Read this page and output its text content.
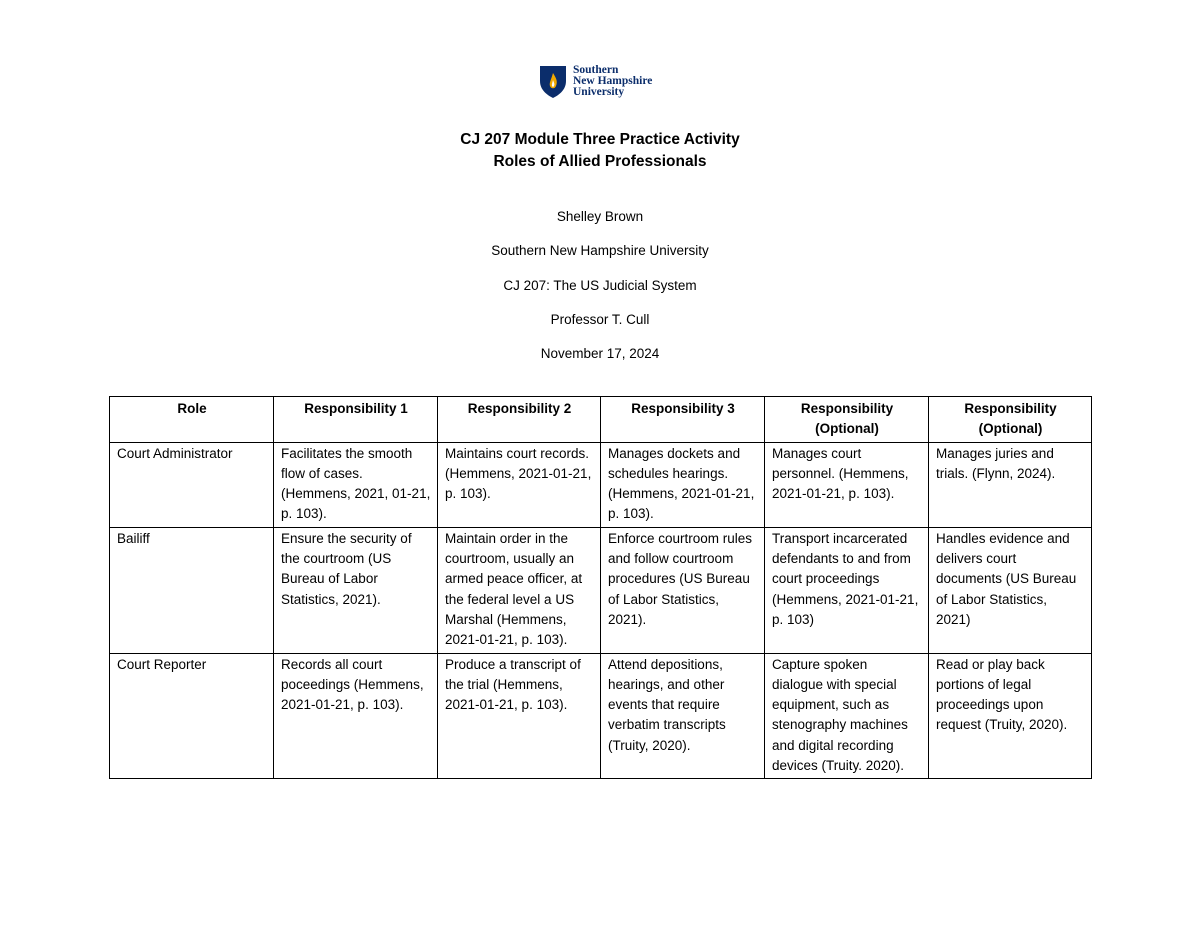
Southern
New Hampshire
University
CJ 207 Module Three Practice Activity
Roles of Allied Professionals
Shelley Brown
Southern New Hampshire University
CJ 207: The US Judicial System
Professor T. Cull
November 17, 2024
Role	Responsibility 1	Responsibility 2	Responsibility 3	Responsibility (Optional)	Responsibility (Optional)
Court Administrator	Facilitates the smooth flow of cases. (Hemmens, 2021, 01-21, p. 103).	Maintains court records. (Hemmens, 2021-01-21, p. 103).	Manages dockets and schedules hearings. (Hemmens, 2021-01-21, p. 103).	Manages court personnel. (Hemmens, 2021-01-21, p. 103).	Manages juries and trials. (Flynn, 2024).
Bailiff	Ensure the security of the courtroom (US Bureau of Labor Statistics, 2021).	Maintain order in the courtroom, usually an armed peace officer, at the federal level a US Marshal (Hemmens, 2021-01-21, p. 103).	Enforce courtroom rules and follow courtroom procedures (US Bureau of Labor Statistics, 2021).	Transport incarcerated defendants to and from court proceedings (Hemmens, 2021-01-21, p. 103)	Handles evidence and delivers court documents (US Bureau of Labor Statistics, 2021)
Court Reporter	Records all court poceedings (Hemmens, 2021-01-21, p. 103).	Produce a transcript of the trial (Hemmens, 2021-01-21, p. 103).	Attend depositions, hearings, and other events that require verbatim transcripts (Truity, 2020).	Capture spoken dialogue with special equipment, such as stenography machines and digital recording devices (Truity. 2020).	Read or play back portions of legal proceedings upon request (Truity, 2020).
